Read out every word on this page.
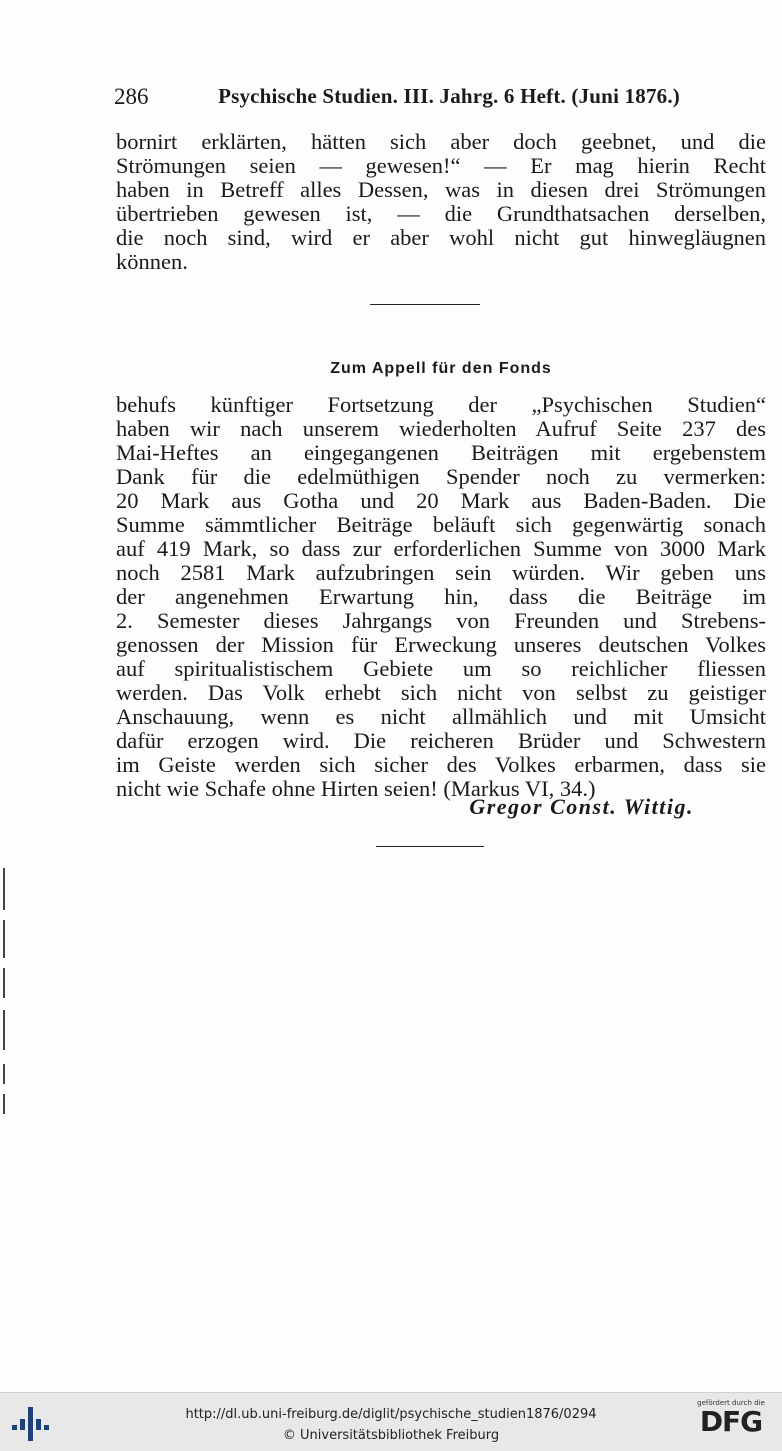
286	Psychische Studien. III. Jahrg. 6 Heft. (Juni 1876.)
bornirt erklärten, hätten sich aber doch geebnet, und die
Strömungen seien — gewesen!“ — Er mag hierin Recht
haben in Betreff alles Dessen, was in diesen drei Strömungen
übertrieben gewesen ist, — die Grundthatsachen derselben,
die noch sind, wird er aber wohl nicht gut hinwegläugnen
können.
Zum Appell für den Fonds
behufs künftiger Fortsetzung der „Psychischen Studien“
haben wir nach unserem wiederholten Aufruf Seite 237 des
Mai-Heftes an eingegangenen Beiträgen mit ergebenstem
Dank für die edelmüthigen Spender noch zu vermerken:
20 Mark aus Gotha und 20 Mark aus Baden-Baden. Die
Summe sämmtlicher Beiträge beläuft sich gegenwärtig sonach
auf 419 Mark, so dass zur erforderlichen Summe von 3000 Mark
noch 2581 Mark aufzubringen sein würden. Wir geben uns
der angenehmen Erwartung hin, dass die Beiträge im
2. Semester dieses Jahrgangs von Freunden und Strebens-
genossen der Mission für Erweckung unseres deutschen Volkes
auf spiritualistischem Gebiete um so reichlicher fliessen
werden. Das Volk erhebt sich nicht von selbst zu geistiger
Anschauung, wenn es nicht allmählich und mit Umsicht
dafür erzogen wird. Die reicheren Brüder und Schwestern
im Geiste werden sich sicher des Volkes erbarmen, dass sie
nicht wie Schafe ohne Hirten seien! (Markus VI, 34.)
Gregor Const. Wittig.
http://dl.ub.uni-freiburg.de/diglit/psychische_studien1876/0294
© Universitätsbibliothek Freiburg
gefördert durch die
DFG
